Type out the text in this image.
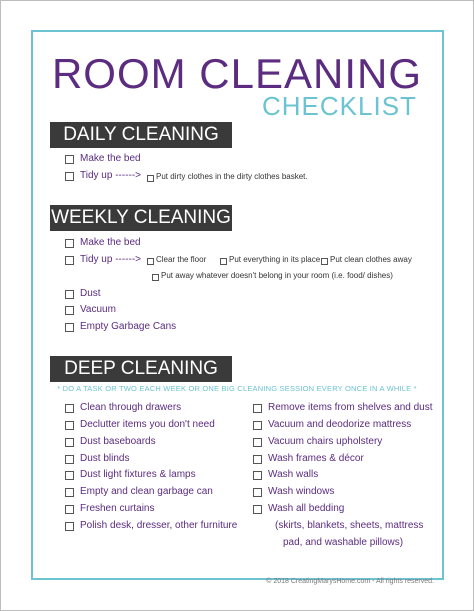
ROOM CLEANING
CHECKLIST
DAILY CLEANING
Make the bed
Tidy up ------> Put dirty clothes in the dirty clothes basket.
WEEKLY CLEANING
Make the bed
Tidy up ------> Clear the floor	Put everything in its place Put clean clothes away
Put away whatever doesn't belong in your room (i.e. food/ dishes)
Dust
Vacuum
Empty Garbage Cans
DEEP CLEANING
* DO A TASK OR TWO EACH WEEK OR ONE BIG CLEANING SESSION EVERY ONCE IN A WHILE *
Clean through drawers
Declutter items you don't need
Dust baseboards
Dust blinds
Dust light fixtures & lamps
Empty and clean garbage can
Freshen curtains
Polish desk, dresser, other furniture
Remove items from shelves and dust
Vacuum and deodorize mattress
Vacuum chairs upholstery
Wash frames & décor
Wash walls
Wash windows
Wash all bedding
(skirts, blankets, sheets, mattress
pad, and washable pillows)
© 2018 CreatingMarysHome.com - All rights reserved.
